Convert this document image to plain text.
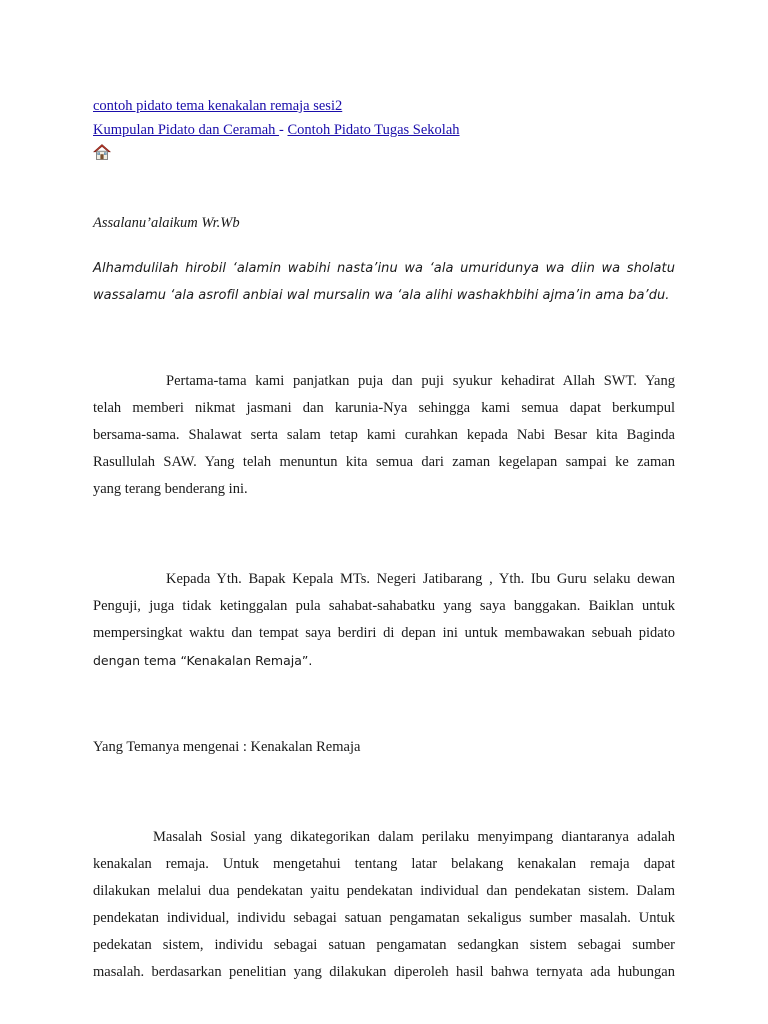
contoh pidato tema kenakalan remaja sesi2
Kumpulan Pidato dan Ceramah - Contoh Pidato Tugas Sekolah
Assalanu’alaikum Wr.Wb
Alhamdulilah hirobil ‘alamin wabihi nasta’inu wa ‘ala umuridunya wa diin wa sholatu
wassalamu ‘ala asrofil anbiai wal mursalin wa ‘ala alihi washakhbihi ajma’in ama ba’du.
Pertama-tama kami panjatkan puja dan puji syukur kehadirat Allah SWT. Yang
telah memberi nikmat jasmani dan karunia-Nya sehingga kami semua dapat berkumpul
bersama-sama. Shalawat serta salam tetap kami curahkan kepada Nabi Besar kita Baginda
Rasullulah SAW. Yang telah menuntun kita semua dari zaman kegelapan sampai ke zaman
yang terang benderang ini.
Kepada Yth. Bapak Kepala MTs. Negeri Jatibarang , Yth. Ibu Guru selaku dewan
Penguji, juga tidak ketinggalan pula sahabat-sahabatku yang saya banggakan. Baiklan untuk
mempersingkat waktu dan tempat saya berdiri di depan ini untuk membawakan sebuah pidato
dengan tema “Kenakalan Remaja”.
Yang Temanya mengenai : Kenakalan Remaja
Masalah Sosial yang dikategorikan dalam perilaku menyimpang diantaranya adalah
kenakalan remaja. Untuk mengetahui tentang latar belakang kenakalan remaja dapat
dilakukan melalui dua pendekatan yaitu pendekatan individual dan pendekatan sistem. Dalam
pendekatan individual, individu sebagai satuan pengamatan sekaligus sumber masalah. Untuk
pedekatan sistem, individu sebagai satuan pengamatan sedangkan sistem sebagai sumber
masalah. berdasarkan penelitian yang dilakukan diperoleh hasil bahwa ternyata ada hubungan
